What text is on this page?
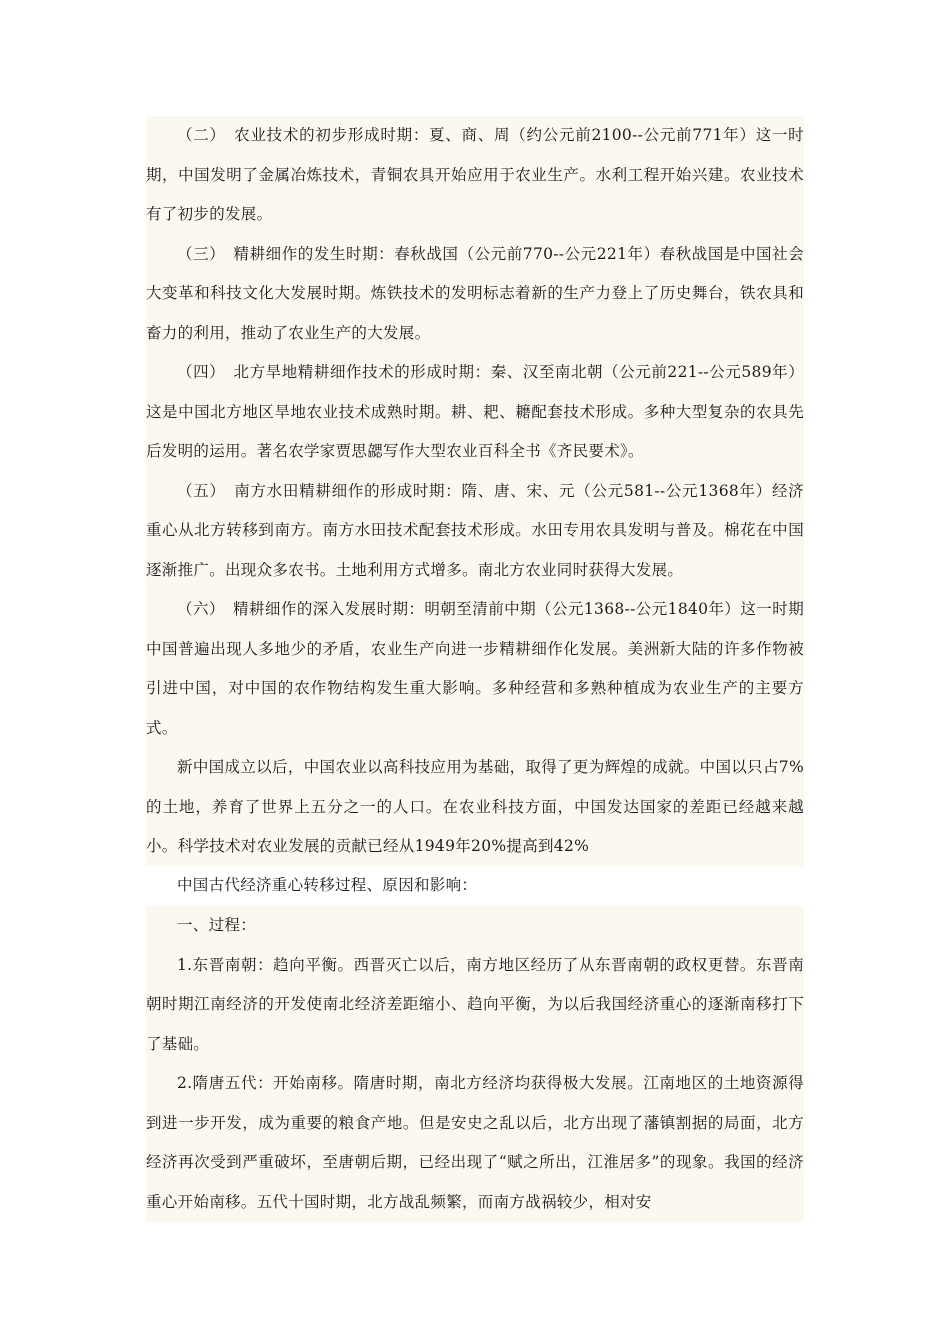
（二）　农业技术的初步形成时期：夏、商、周（约公元前2100--公元前771年）这一时期，中国发明了金属冶炼技术，青铜农具开始应用于农业生产。水利工程开始兴建。农业技术有了初步的发展。

（三）　精耕细作的发生时期：春秋战国（公元前770--公元221年）春秋战国是中国社会大变革和科技文化大发展时期。炼铁技术的发明标志着新的生产力登上了历史舞台，铁农具和畜力的利用，推动了农业生产的大发展。

（四）　北方旱地精耕细作技术的形成时期：秦、汉至南北朝（公元前221--公元589年）这是中国北方地区旱地农业技术成熟时期。耕、耙、耱配套技术形成。多种大型复杂的农具先后发明的运用。著名农学家贾思勰写作大型农业百科全书《齐民要术》。

（五）　南方水田精耕细作的形成时期：隋、唐、宋、元（公元581--公元1368年）经济重心从北方转移到南方。南方水田技术配套技术形成。水田专用农具发明与普及。棉花在中国逐渐推广。出现众多农书。土地利用方式增多。南北方农业同时获得大发展。

（六）　精耕细作的深入发展时期：明朝至清前中期（公元1368--公元1840年）这一时期中国普遍出现人多地少的矛盾，农业生产向进一步精耕细作化发展。美洲新大陆的许多作物被引进中国，对中国的农作物结构发生重大影响。多种经营和多熟种植成为农业生产的主要方式。

新中国成立以后，中国农业以高科技应用为基础，取得了更为辉煌的成就。中国以只占7%的土地，养育了世界上五分之一的人口。在农业科技方面，中国发达国家的差距已经越来越小。科学技术对农业发展的贡献已经从1949年20%提高到42%

中国古代经济重心转移过程、原因和影响：

一、过程：

1.东晋南朝：趋向平衡。西晋灭亡以后，南方地区经历了从东晋南朝的政权更替。东晋南朝时期江南经济的开发使南北经济差距缩小、趋向平衡，为以后我国经济重心的逐渐南移打下了基础。

2.隋唐五代：开始南移。隋唐时期，南北方经济均获得极大发展。江南地区的土地资源得到进一步开发，成为重要的粮食产地。但是安史之乱以后，北方出现了藩镇割据的局面，北方经济再次受到严重破坏，至唐朝后期，已经出现了“赋之所出，江淮居多”的现象。我国的经济重心开始南移。五代十国时期，北方战乱频繁，而南方战祸较少，相对安
